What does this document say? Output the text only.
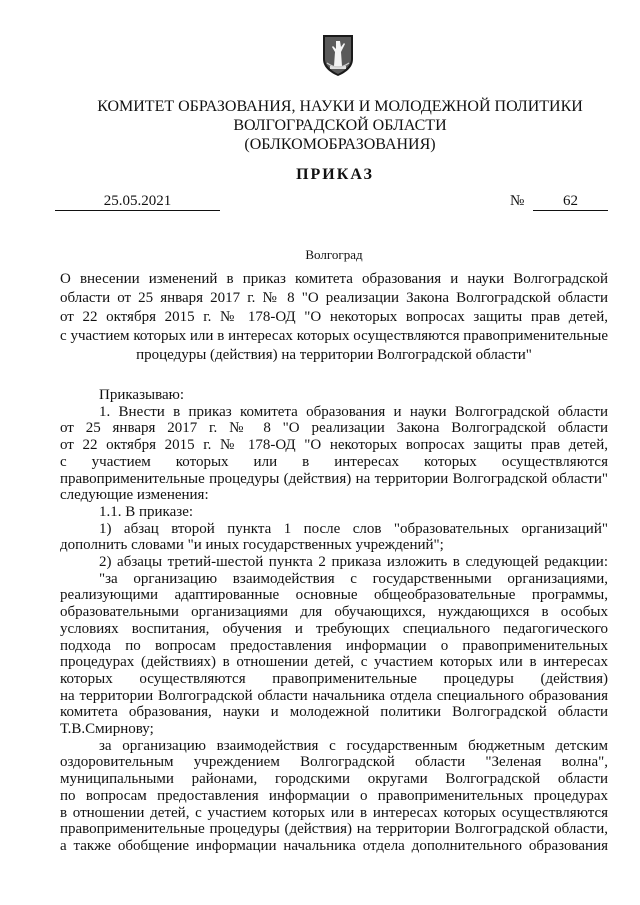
КОМИТЕТ ОБРАЗОВАНИЯ, НАУКИ И МОЛОДЕЖНОЙ ПОЛИТИКИ
ВОЛГОГРАДСКОЙ ОБЛАСТИ
(ОБЛКОМОБРАЗОВАНИЯ)
ПРИКАЗ
25.05.2021	№	62
Волгоград
О внесении изменений в приказ комитета образования и науки Волгоградской
области от 25 января 2017 г. № 8 "О реализации Закона Волгоградской области
от 22 октября 2015 г. № 178-ОД "О некоторых вопросах защиты прав детей,
с участием которых или в интересах которых осуществляются правоприменительные
процедуры (действия) на территории Волгоградской области"
Приказываю:
1. Внести в приказ комитета образования и науки Волгоградской области
от 25 января 2017 г. № 8 "О реализации Закона Волгоградской области
от 22 октября 2015 г. № 178-ОД "О некоторых вопросах защиты прав детей,
с участием которых или в интересах которых осуществляются
правоприменительные процедуры (действия) на территории Волгоградской области"
следующие изменения:
1.1. В приказе:
1) абзац второй пункта 1 после слов "образовательных организаций"
дополнить словами "и иных государственных учреждений";
2) абзацы третий-шестой пункта 2 приказа изложить в следующей редакции:
"за организацию взаимодействия с государственными организациями,
реализующими адаптированные основные общеобразовательные программы,
образовательными организациями для обучающихся, нуждающихся в особых
условиях воспитания, обучения и требующих специального педагогического
подхода по вопросам предоставления информации о правоприменительных
процедурах (действиях) в отношении детей, с участием которых или в интересах
которых осуществляются правоприменительные процедуры (действия)
на территории Волгоградской области начальника отдела специального образования
комитета образования, науки и молодежной политики Волгоградской области
Т.В.Смирнову;
за организацию взаимодействия с государственным бюджетным детским
оздоровительным учреждением Волгоградской области "Зеленая волна",
муниципальными районами, городскими округами Волгоградской области
по вопросам предоставления информации о правоприменительных процедурах
в отношении детей, с участием которых или в интересах которых осуществляются
правоприменительные процедуры (действия) на территории Волгоградской области,
а также обобщение информации начальника отдела дополнительного образования
